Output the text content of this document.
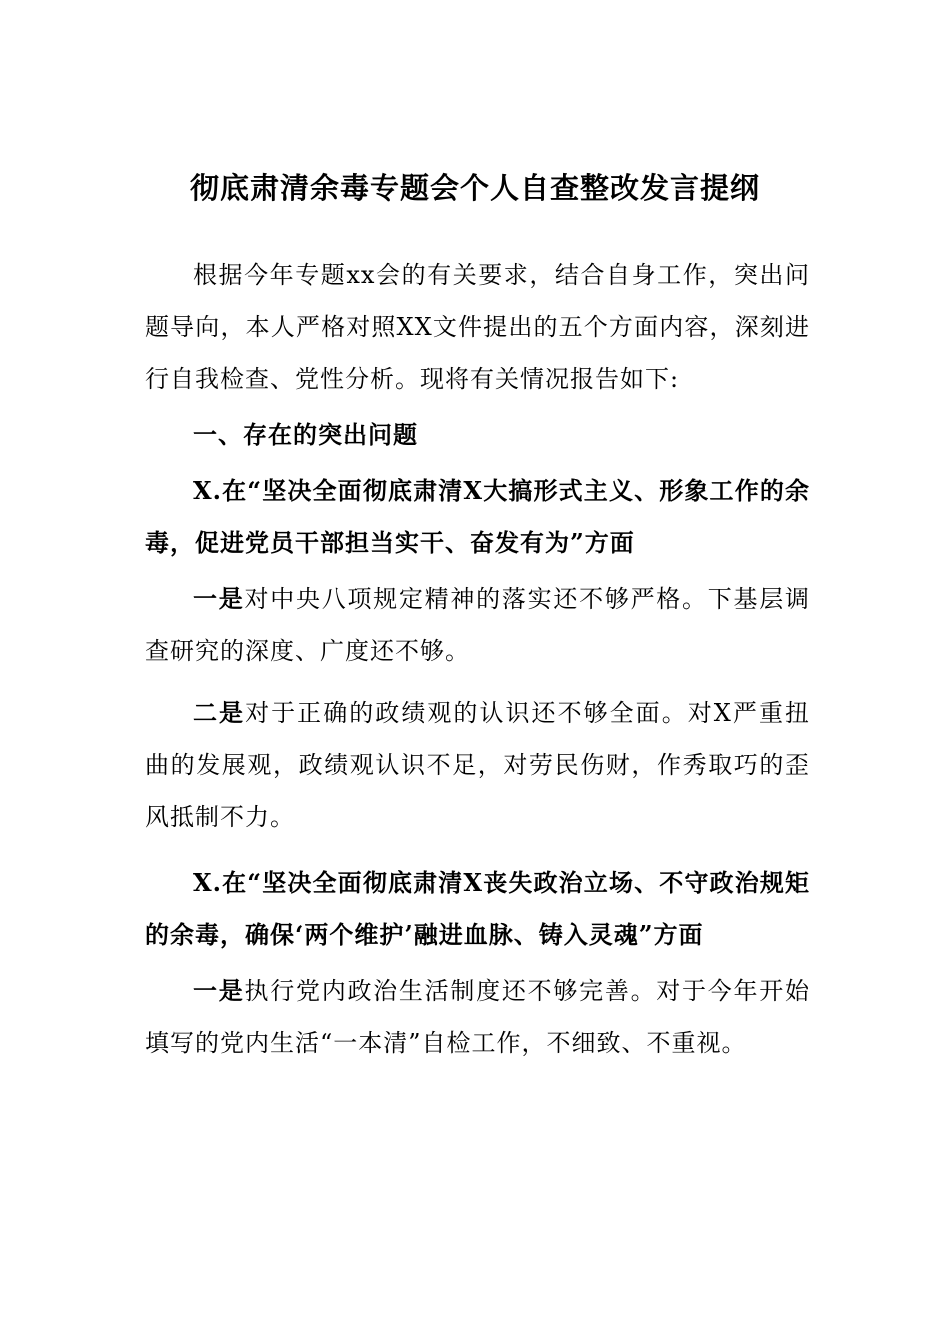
彻底肃清余毒专题会个人自查整改发言提纲

根据今年专题xx会的有关要求，结合自身工作，突出问题导向，本人严格对照XX文件提出的五个方面内容，深刻进行自我检查、党性分析。现将有关情况报告如下:

一、存在的突出问题

X.在“坚决全面彻底肃清X大搞形式主义、形象工作的余毒，促进党员干部担当实干、奋发有为”方面

一是对中央八项规定精神的落实还不够严格。下基层调查研究的深度、广度还不够。

二是对于正确的政绩观的认识还不够全面。对X严重扭曲的发展观，政绩观认识不足，对劳民伤财，作秀取巧的歪风抵制不力。

X.在“坚决全面彻底肃清X丧失政治立场、不守政治规矩的余毒，确保‘两个维护’融进血脉、铸入灵魂”方面

一是执行党内政治生活制度还不够完善。对于今年开始填写的党内生活“一本清”自检工作，不细致、不重视。
